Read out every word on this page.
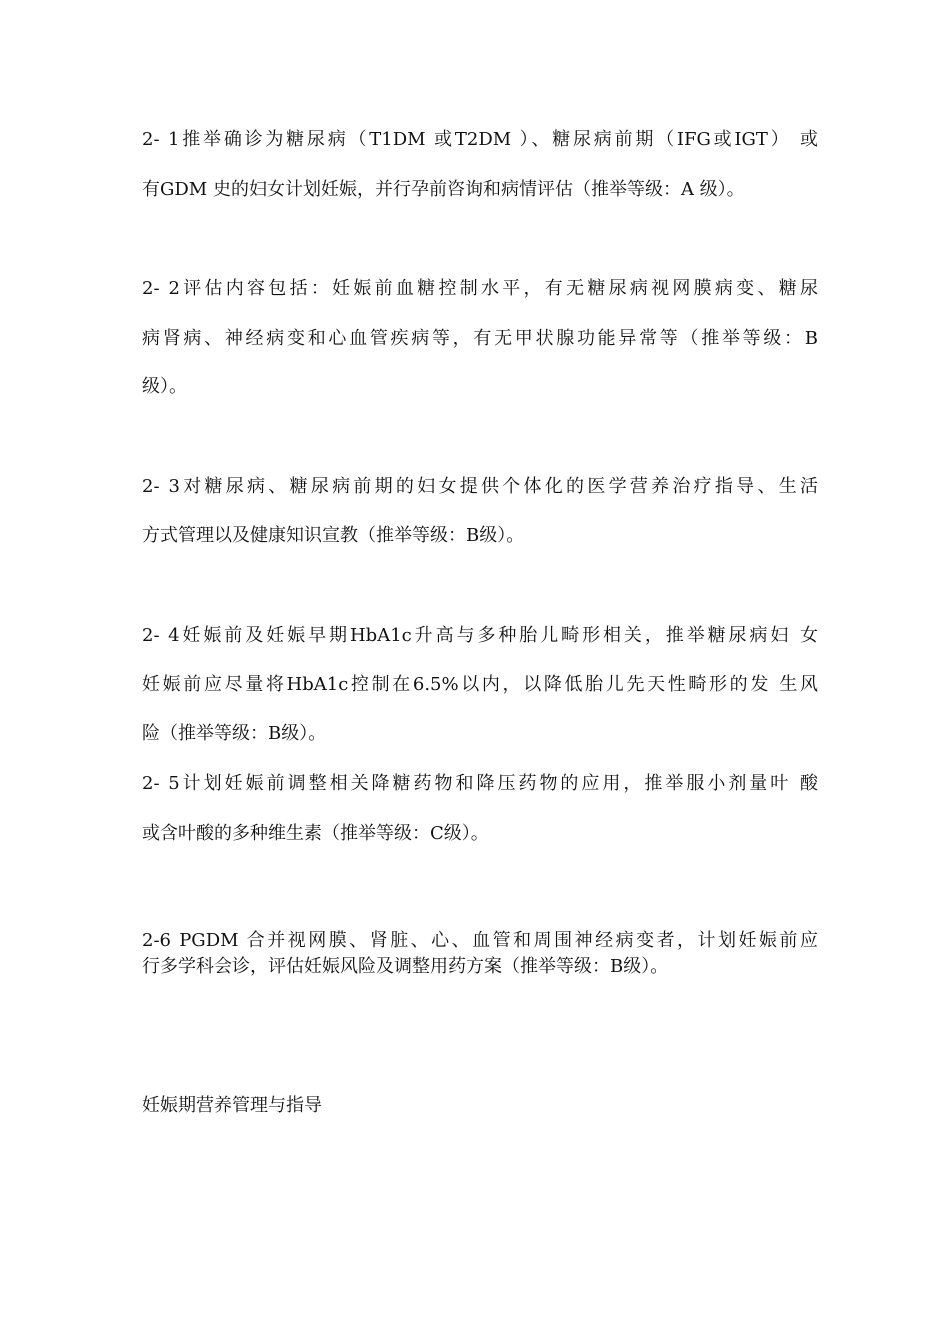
2- 1推举确诊为糖尿病（T1DM 或T2DM ）、糖尿病前期（IFG或IGT） 或
有GDM 史的妇女计划妊娠，并行孕前咨询和病情评估（推举等级：A 级）。
2- 2评估内容包括：妊娠前血糖控制水平，有无糖尿病视网膜病变、糖尿
病肾病、神经病变和心血管疾病等，有无甲状腺功能异常等（推举等级：B
级）。
2- 3对糖尿病、糖尿病前期的妇女提供个体化的医学营养治疗指导、生活
方式管理以及健康知识宣教（推举等级：B级）。
2- 4妊娠前及妊娠早期HbA1c升高与多种胎儿畸形相关，推举糖尿病妇 女
妊娠前应尽量将HbA1c控制在6.5%以内，以降低胎儿先天性畸形的发 生风
险（推举等级：B级）。
2- 5计划妊娠前调整相关降糖药物和降压药物的应用，推举服小剂量叶 酸
或含叶酸的多种维生素（推举等级：C级）。
2-6 PGDM 合并视网膜、肾脏、心、血管和周围神经病变者，计划妊娠前应
行多学科会诊，评估妊娠风险及调整用药方案（推举等级：B级）。
妊娠期营养管理与指导
